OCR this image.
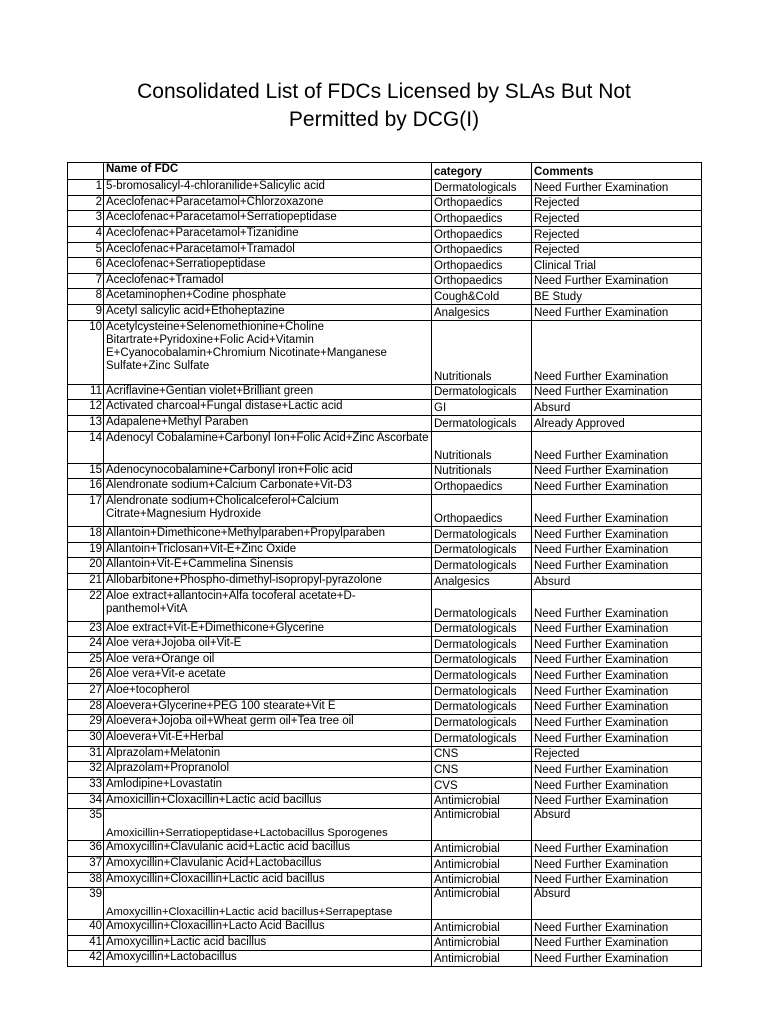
Consolidated List of FDCs Licensed by SLAs But Not
Permitted by DCG(I)
	Name of FDC	category	Comments
1	5-bromosalicyl-4-chloranilide+Salicylic acid	Dermatologicals	Need Further Examination
2	Aceclofenac+Paracetamol+Chlorzoxazone	Orthopaedics	Rejected
3	Aceclofenac+Paracetamol+Serratiopeptidase	Orthopaedics	Rejected
4	Aceclofenac+Paracetamol+Tizanidine	Orthopaedics	Rejected
5	Aceclofenac+Paracetamol+Tramadol	Orthopaedics	Rejected
6	Aceclofenac+Serratiopeptidase	Orthopaedics	Clinical Trial
7	Aceclofenac+Tramadol	Orthopaedics	Need Further Examination
8	Acetaminophen+Codine phosphate	Cough&Cold	BE Study
9	Acetyl salicylic acid+Ethoheptazine	Analgesics	Need Further Examination
10	Acetylcysteine+Selenomethionine+Choline Bitartrate+Pyridoxine+Folic Acid+Vitamin E+Cyanocobalamin+Chromium Nicotinate+Manganese Sulfate+Zinc Sulfate	Nutritionals	Need Further Examination
11	Acriflavine+Gentian violet+Brilliant green	Dermatologicals	Need Further Examination
12	Activated charcoal+Fungal distase+Lactic acid	GI	Absurd
13	Adapalene+Methyl Paraben	Dermatologicals	Already Approved
14	Adenocyl Cobalamine+Carbonyl Ion+Folic Acid+Zinc Ascorbate	Nutritionals	Need Further Examination
15	Adenocynocobalamine+Carbonyl iron+Folic acid	Nutritionals	Need Further Examination
16	Alendronate sodium+Calcium Carbonate+Vit-D3	Orthopaedics	Need Further Examination
17	Alendronate sodium+Cholicalceferol+Calcium Citrate+Magnesium Hydroxide	Orthopaedics	Need Further Examination
18	Allantoin+Dimethicone+Methylparaben+Propylparaben	Dermatologicals	Need Further Examination
19	Allantoin+Triclosan+Vit-E+Zinc Oxide	Dermatologicals	Need Further Examination
20	Allantoin+Vit-E+Cammelina Sinensis	Dermatologicals	Need Further Examination
21	Allobarbitone+Phospho-dimethyl-isopropyl-pyrazolone	Analgesics	Absurd
22	Aloe extract+allantocin+Alfa tocoferal acetate+D-panthemol+VitA	Dermatologicals	Need Further Examination
23	Aloe extract+Vit-E+Dimethicone+Glycerine	Dermatologicals	Need Further Examination
24	Aloe vera+Jojoba oil+Vit-E	Dermatologicals	Need Further Examination
25	Aloe vera+Orange oil	Dermatologicals	Need Further Examination
26	Aloe vera+Vit-e acetate	Dermatologicals	Need Further Examination
27	Aloe+tocopherol	Dermatologicals	Need Further Examination
28	Aloevera+Glycerine+PEG 100 stearate+Vit E	Dermatologicals	Need Further Examination
29	Aloevera+Jojoba oil+Wheat germ oil+Tea tree oil	Dermatologicals	Need Further Examination
30	Aloevera+Vit-E+Herbal	Dermatologicals	Need Further Examination
31	Alprazolam+Melatonin	CNS	Rejected
32	Alprazolam+Propranolol	CNS	Need Further Examination
33	Amlodipine+Lovastatin	CVS	Need Further Examination
34	Amoxicillin+Cloxacillin+Lactic acid bacillus	Antimicrobial	Need Further Examination
35	Amoxicillin+Serratiopeptidase+Lactobacillus Sporogenes	Antimicrobial	Absurd
36	Amoxycillin+Clavulanic acid+Lactic acid bacillus	Antimicrobial	Need Further Examination
37	Amoxycillin+Clavulanic Acid+Lactobacillus	Antimicrobial	Need Further Examination
38	Amoxycillin+Cloxacillin+Lactic acid bacillus	Antimicrobial	Need Further Examination
39	Amoxycillin+Cloxacillin+Lactic acid bacillus+Serrapeptase	Antimicrobial	Absurd
40	Amoxycillin+Cloxacillin+Lacto Acid Bacillus	Antimicrobial	Need Further Examination
41	Amoxycillin+Lactic acid bacillus	Antimicrobial	Need Further Examination
42	Amoxycillin+Lactobacillus	Antimicrobial	Need Further Examination
